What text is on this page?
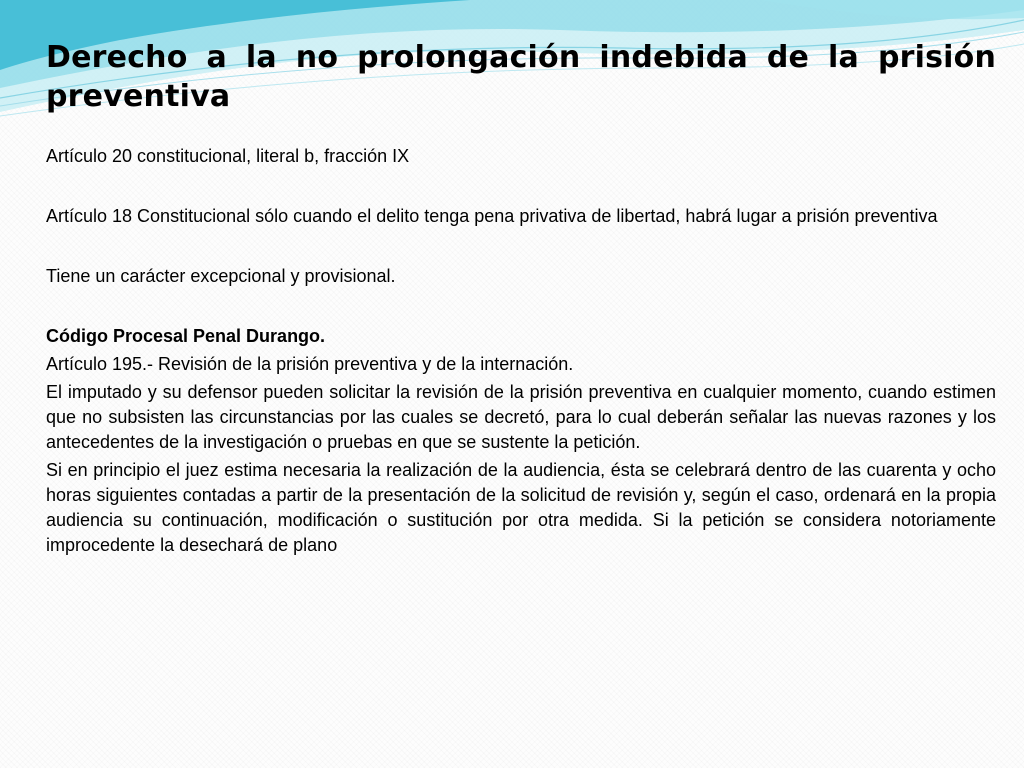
Derecho a la no prolongación indebida de la prisión preventiva

Artículo 20 constitucional, literal b, fracción IX

Artículo 18 Constitucional sólo cuando el delito tenga pena privativa de libertad, habrá lugar a prisión preventiva

Tiene un carácter excepcional y provisional.

Código Procesal Penal Durango.

Artículo 195.- Revisión de la prisión preventiva y de la internación.

El imputado y su defensor pueden solicitar la revisión de la prisión preventiva en cualquier momento, cuando estimen que no subsisten las circunstancias por las cuales se decretó, para lo cual deberán señalar las nuevas razones y los antecedentes de la investigación o pruebas en que se sustente la petición.

Si en principio el juez estima necesaria la realización de la audiencia, ésta se celebrará dentro de las cuarenta y ocho horas siguientes contadas a partir de la presentación de la solicitud de revisión y, según el caso, ordenará en la propia audiencia su continuación, modificación o sustitución por otra medida. Si la petición se considera notoriamente improcedente la desechará de plano
